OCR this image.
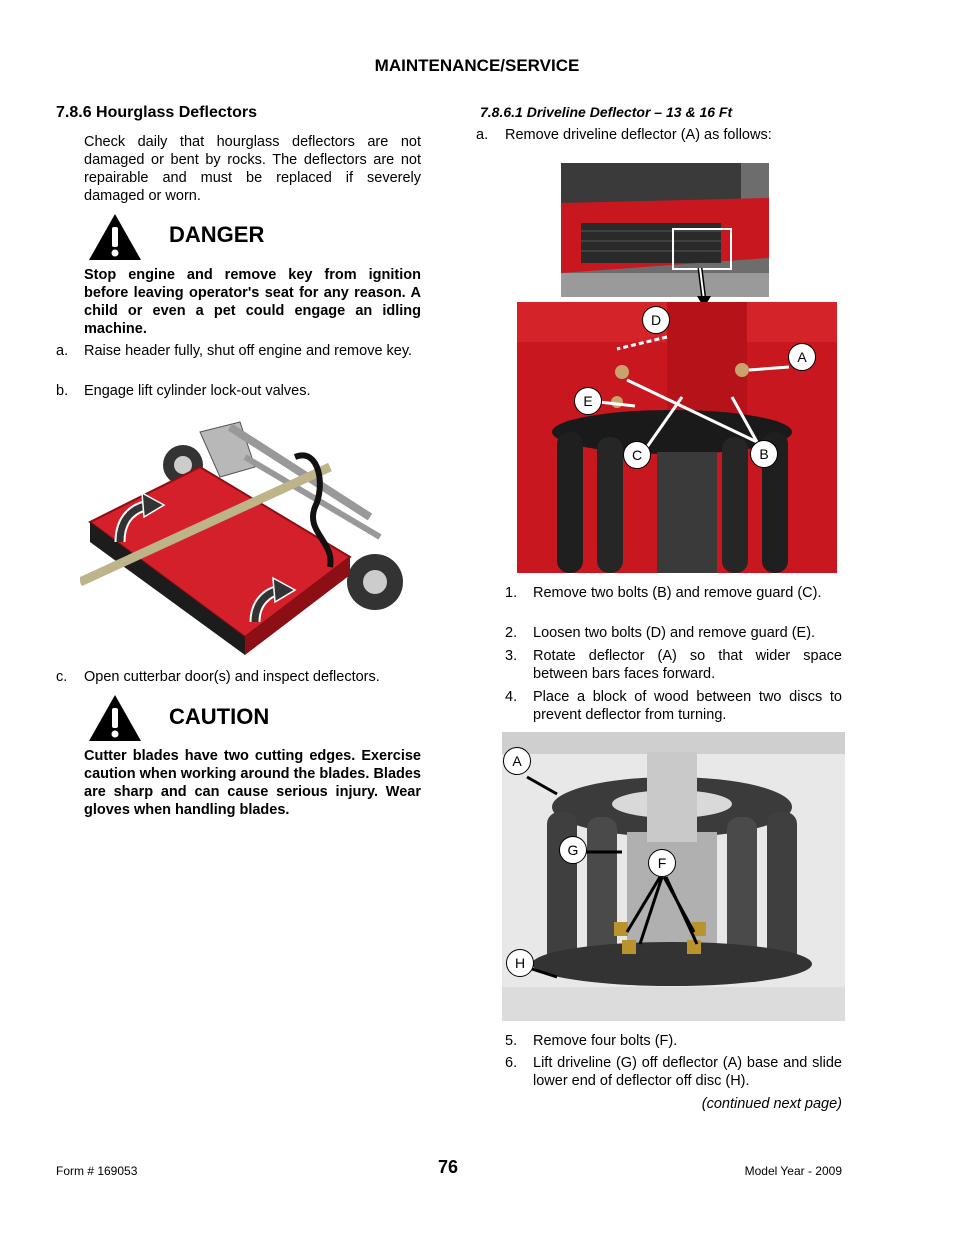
MAINTENANCE/SERVICE
7.8.6 Hourglass Deflectors
Check daily that hourglass deflectors are not damaged or bent by rocks. The deflectors are not repairable and must be replaced if severely damaged or worn.
DANGER
Stop engine and remove key from ignition before leaving operator's seat for any reason. A child or even a pet could engage an idling machine.
a. Raise header fully, shut off engine and remove key.
b. Engage lift cylinder lock-out valves.
c. Open cutterbar door(s) and inspect deflectors.
CAUTION
Cutter blades have two cutting edges. Exercise caution when working around the blades. Blades are sharp and can cause serious injury. Wear gloves when handling blades.
7.8.6.1 Driveline Deflector – 13 & 16 Ft
a. Remove driveline deflector (A) as follows:
D
A
E
C	B
1. Remove two bolts (B) and remove guard (C).
2. Loosen two bolts (D) and remove guard (E).
3. Rotate deflector (A) so that wider space between bars faces forward.
4. Place a block of wood between two discs to prevent deflector from turning.
A
G
F
H
5. Remove four bolts (F).
6. Lift driveline (G) off deflector (A) base and slide lower end of deflector off disc (H).
(continued next page)
Form # 169053	76	Model Year - 2009
